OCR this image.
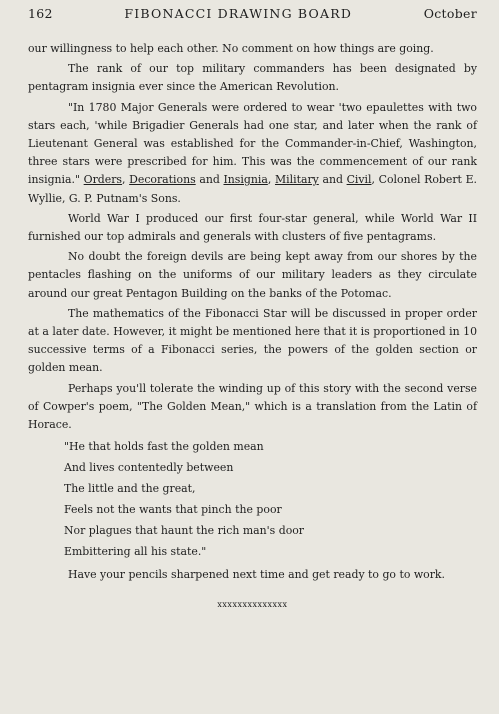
162	FIBONACCI DRAWING BOARD	October

our willingness to help each other. No comment on how things are going.

The rank of our top military commanders has been designated by pentagram insignia ever since the American Revolution.

"In 1780 Major Generals were ordered to wear 'two epaulettes with two stars each, 'while Brigadier Generals had one star, and later when the rank of Lieutenant General was established for the Commander-in-Chief, Washington, three stars were prescribed for him. This was the commencement of our rank insignia." Orders, Decorations and Insignia, Military and Civil, Colonel Robert E. Wyllie, G. P. Putnam's Sons.

World War I produced our first four-star general, while World War II furnished our top admirals and generals with clusters of five pentagrams.

No doubt the foreign devils are being kept away from our shores by the pentacles flashing on the uniforms of our military leaders as they circulate around our great Pentagon Building on the banks of the Potomac.

The mathematics of the Fibonacci Star will be discussed in proper order at a later date. However, it might be mentioned here that it is proportioned in 10 successive terms of a Fibonacci series, the powers of the golden section or golden mean.

Perhaps you'll tolerate the winding up of this story with the second verse of Cowper's poem, "The Golden Mean," which is a translation from the Latin of Horace.

"He that holds fast the golden mean
And lives contentedly between
The little and the great,
Feels not the wants that pinch the poor
Nor plagues that haunt the rich man's door
Embittering all his state."

Have your pencils sharpened next time and get ready to go to work.

xxxxxxxxxxxxxx
